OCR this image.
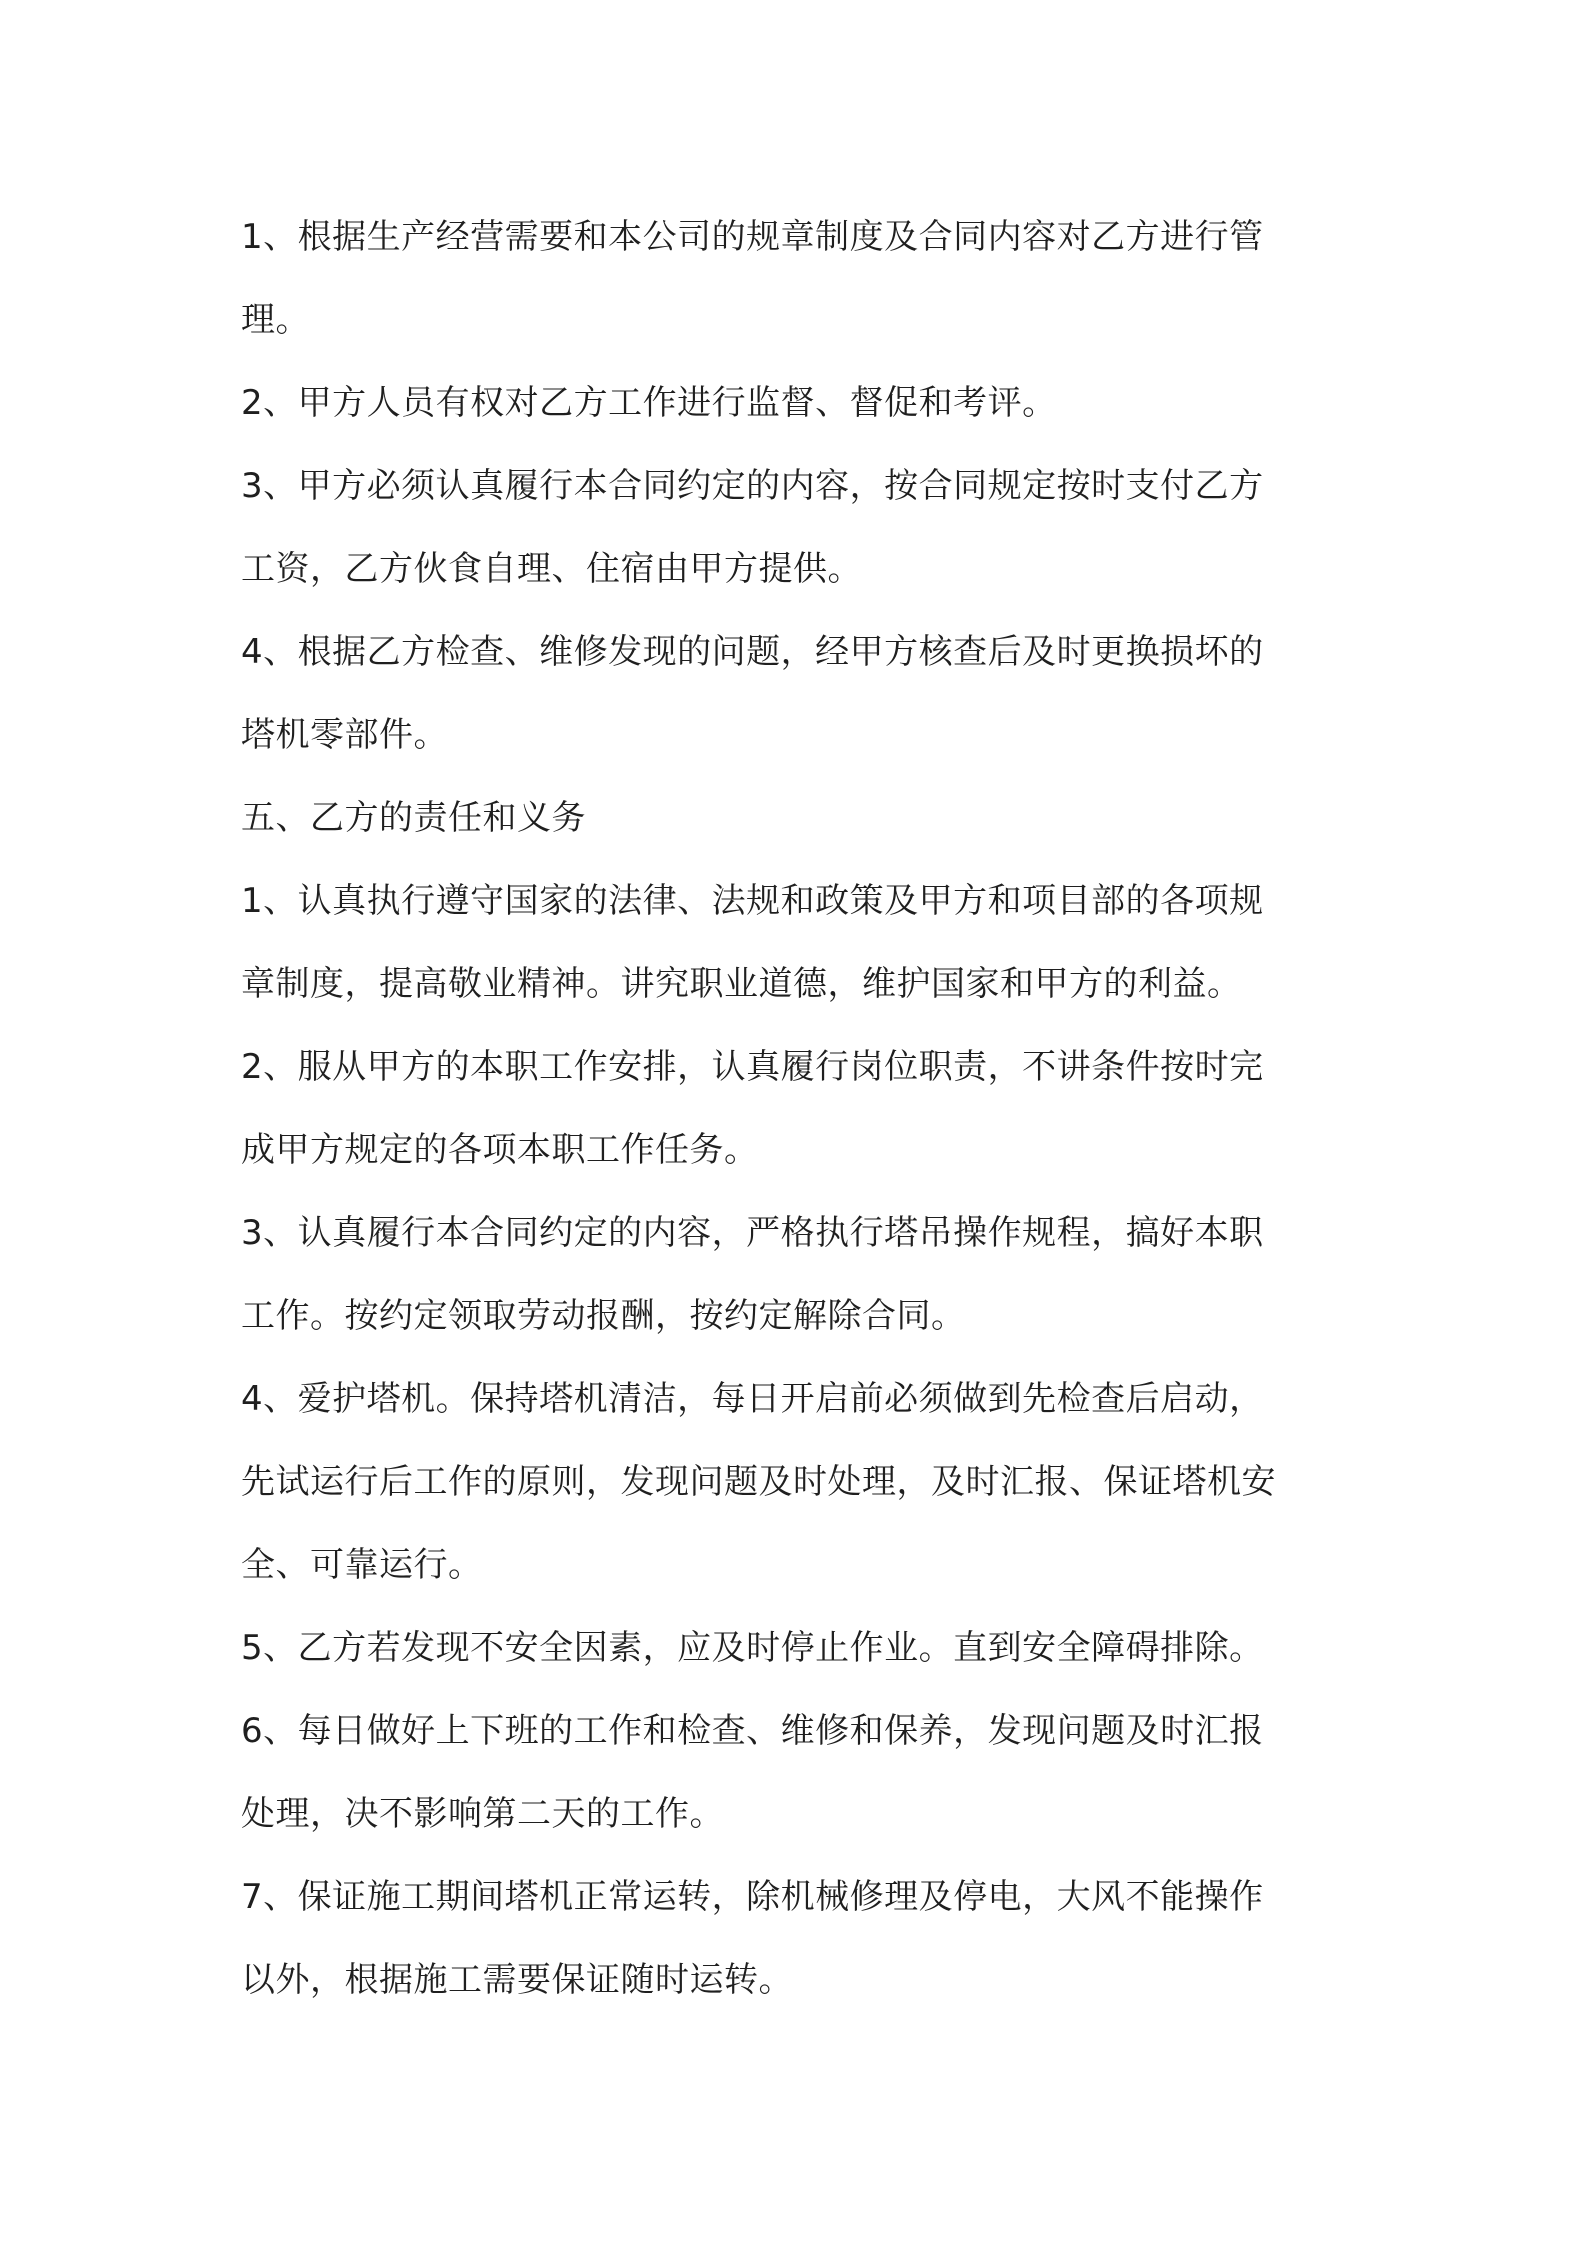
1、根据生产经营需要和本公司的规章制度及合同内容对乙方进行管

理。

2、甲方人员有权对乙方工作进行监督、督促和考评。

3、甲方必须认真履行本合同约定的内容，按合同规定按时支付乙方

工资，乙方伙食自理、住宿由甲方提供。

4、根据乙方检查、维修发现的问题，经甲方核查后及时更换损坏的

塔机零部件。

五、乙方的责任和义务

1、认真执行遵守国家的法律、法规和政策及甲方和项目部的各项规

章制度，提高敬业精神。讲究职业道德，维护国家和甲方的利益。

2、服从甲方的本职工作安排，认真履行岗位职责，不讲条件按时完

成甲方规定的各项本职工作任务。

3、认真履行本合同约定的内容，严格执行塔吊操作规程，搞好本职

工作。按约定领取劳动报酬，按约定解除合同。

4、爱护塔机。保持塔机清洁，每日开启前必须做到先检查后启动，

先试运行后工作的原则，发现问题及时处理，及时汇报、保证塔机安

全、可靠运行。

5、乙方若发现不安全因素，应及时停止作业。直到安全障碍排除。

6、每日做好上下班的工作和检查、维修和保养，发现问题及时汇报

处理，决不影响第二天的工作。

7、保证施工期间塔机正常运转，除机械修理及停电，大风不能操作

以外，根据施工需要保证随时运转。
